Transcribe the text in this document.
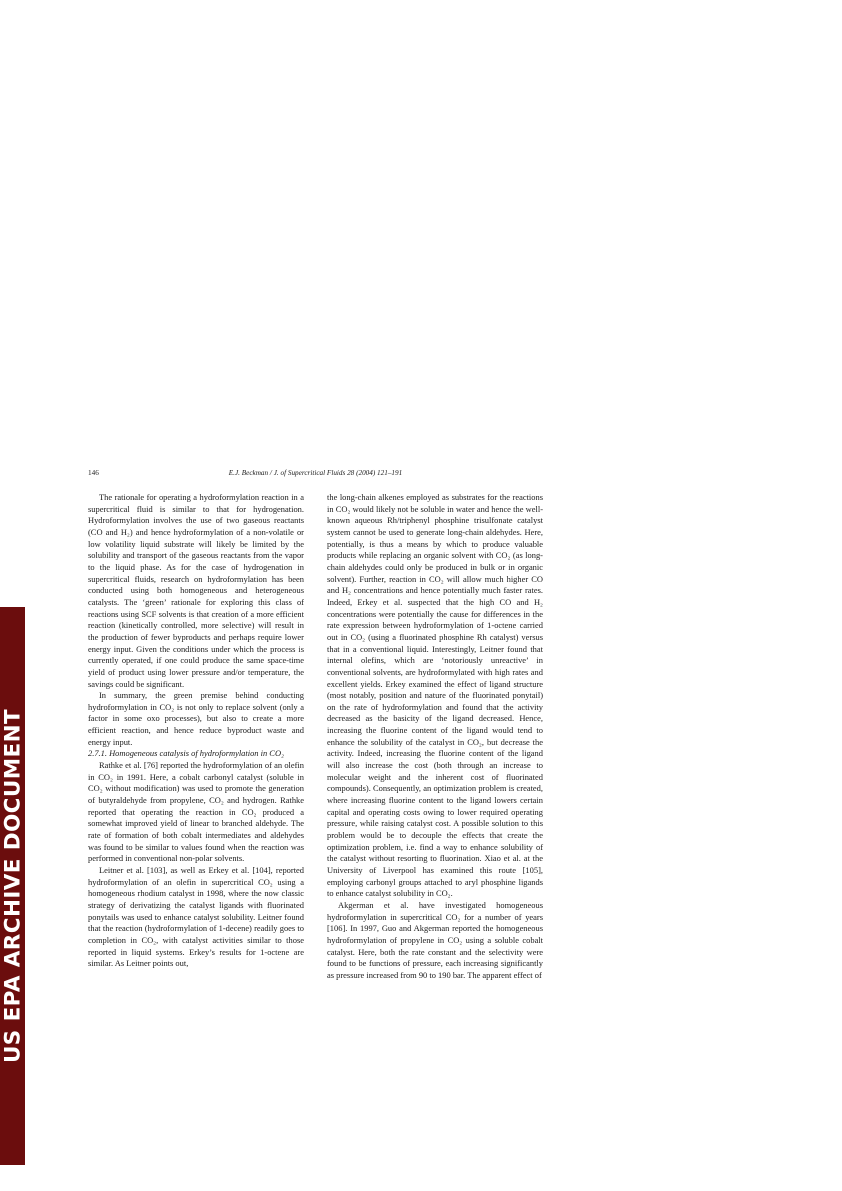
146	E.J. Beckman / J. of Supercritical Fluids 28 (2004) 121–191

The rationale for operating a hydroformylation reaction in a supercritical fluid is similar to that for hydrogenation. Hydroformylation involves the use of two gaseous reactants (CO and H₂) and hence hydroformylation of a non-volatile or low volatility liquid substrate will likely be limited by the solubility and transport of the gaseous reactants from the vapor to the liquid phase. As for the case of hydrogenation in supercritical fluids, research on hydroformylation has been conducted using both homogeneous and heterogeneous catalysts. The ‘green’ rationale for exploring this class of reactions using SCF solvents is that creation of a more efficient reaction (kinetically controlled, more selective) will result in the production of fewer byproducts and perhaps require lower energy input. Given the conditions under which the process is currently operated, if one could produce the same space-time yield of product using lower pressure and/or temperature, the savings could be significant.

In summary, the green premise behind conducting hydroformylation in CO₂ is not only to replace solvent (only a factor in some oxo processes), but also to create a more efficient reaction, and hence reduce byproduct waste and energy input.

2.7.1. Homogeneous catalysis of hydroformylation in CO₂

Rathke et al. [76] reported the hydroformylation of an olefin in CO₂ in 1991. Here, a cobalt carbonyl catalyst (soluble in CO₂ without modification) was used to promote the generation of butyraldehyde from propylene, CO₂ and hydrogen. Rathke reported that operating the reaction in CO₂ produced a somewhat improved yield of linear to branched aldehyde. The rate of formation of both cobalt intermediates and aldehydes was found to be similar to values found when the reaction was performed in conventional non-polar solvents.

Leitner et al. [103], as well as Erkey et al. [104], reported hydroformylation of an olefin in supercritical CO₂ using a homogeneous rhodium catalyst in 1998, where the now classic strategy of derivatizing the catalyst ligands with fluorinated ponytails was used to enhance catalyst solubility. Leitner found that the reaction (hydroformylation of 1-decene) readily goes to completion in CO₂, with catalyst activities similar to those reported in liquid systems. Erkey’s results for 1-octene are similar. As Leitner points out,

the long-chain alkenes employed as substrates for the reactions in CO₂ would likely not be soluble in water and hence the well-known aqueous Rh/triphenyl phosphine trisulfonate catalyst system cannot be used to generate long-chain aldehydes. Here, potentially, is thus a means by which to produce valuable products while replacing an organic solvent with CO₂ (as long-chain aldehydes could only be produced in bulk or in organic solvent). Further, reaction in CO₂ will allow much higher CO and H₂ concentrations and hence potentially much faster rates. Indeed, Erkey et al. suspected that the high CO and H₂ concentrations were potentially the cause for differences in the rate expression between hydroformylation of 1-octene carried out in CO₂ (using a fluorinated phosphine Rh catalyst) versus that in a conventional liquid. Interestingly, Leitner found that internal olefins, which are ‘notoriously unreactive’ in conventional solvents, are hydroformylated with high rates and excellent yields. Erkey examined the effect of ligand structure (most notably, position and nature of the fluorinated ponytail) on the rate of hydroformylation and found that the activity decreased as the basicity of the ligand decreased. Hence, increasing the fluorine content of the ligand would tend to enhance the solubility of the catalyst in CO₂, but decrease the activity. Indeed, increasing the fluorine content of the ligand will also increase the cost (both through an increase to molecular weight and the inherent cost of fluorinated compounds). Consequently, an optimization problem is created, where increasing fluorine content to the ligand lowers certain capital and operating costs owing to lower required operating pressure, while raising catalyst cost. A possible solution to this problem would be to decouple the effects that create the optimization problem, i.e. find a way to enhance solubility of the catalyst without resorting to fluorination. Xiao et al. at the University of Liverpool has examined this route [105], employing carbonyl groups attached to aryl phosphine ligands to enhance catalyst solubility in CO₂.

Akgerman et al. have investigated homogeneous hydroformylation in supercritical CO₂ for a number of years [106]. In 1997, Guo and Akgerman reported the homogeneous hydroformylation of propylene in CO₂ using a soluble cobalt catalyst. Here, both the rate constant and the selectivity were found to be functions of pressure, each increasing significantly as pressure increased from 90 to 190 bar. The apparent effect of

US EPA ARCHIVE DOCUMENT
